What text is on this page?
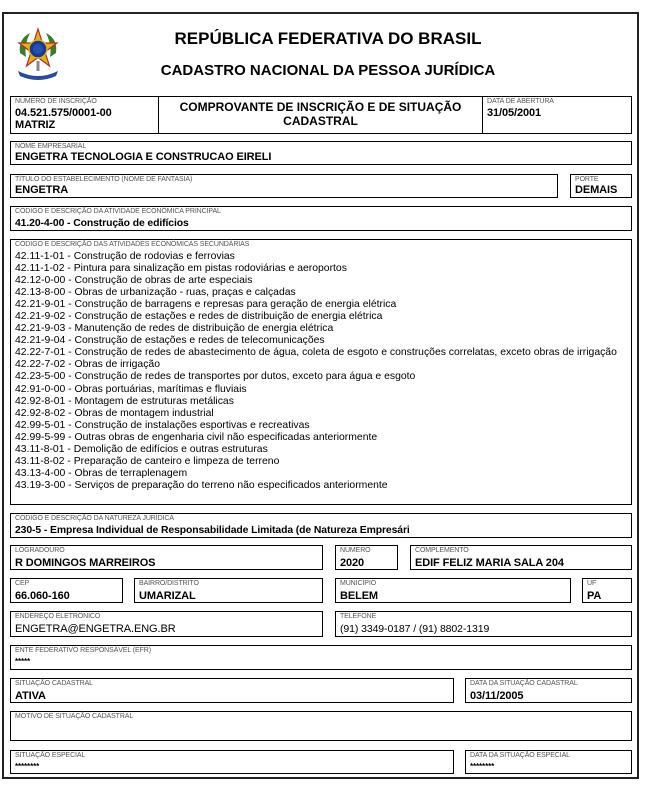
REPÚBLICA FEDERATIVA DO BRASIL
CADASTRO NACIONAL DA PESSOA JURÍDICA
NÚMERO DE INSCRIÇÃO
04.521.575/0001-00
MATRIZ
COMPROVANTE DE INSCRIÇÃO E DE SITUAÇÃO
CADASTRAL
DATA DE ABERTURA
31/05/2001
NOME EMPRESARIAL
ENGETRA TECNOLOGIA E CONSTRUCAO EIRELI
TÍTULO DO ESTABELECIMENTO (NOME DE FANTASIA)
ENGETRA
PORTE
DEMAIS
CÓDIGO E DESCRIÇÃO DA ATIVIDADE ECONÔMICA PRINCIPAL
41.20-4-00 - Construção de edifícios
CÓDIGO E DESCRIÇÃO DAS ATIVIDADES ECONÔMICAS SECUNDÁRIAS
42.11-1-01 - Construção de rodovias e ferrovias
42.11-1-02 - Pintura para sinalização em pistas rodoviárias e aeroportos
42.12-0-00 - Construção de obras de arte especiais
42.13-8-00 - Obras de urbanização - ruas, praças e calçadas
42.21-9-01 - Construção de barragens e represas para geração de energia elétrica
42.21-9-02 - Construção de estações e redes de distribuição de energia elétrica
42.21-9-03 - Manutenção de redes de distribuição de energia elétrica
42.21-9-04 - Construção de estações e redes de telecomunicações
42.22-7-01 - Construção de redes de abastecimento de água, coleta de esgoto e construções correlatas, exceto obras de irrigação
42.22-7-02 - Obras de irrigação
42.23-5-00 - Construção de redes de transportes por dutos, exceto para água e esgoto
42.91-0-00 - Obras portuárias, marítimas e fluviais
42.92-8-01 - Montagem de estruturas metálicas
42.92-8-02 - Obras de montagem industrial
42.99-5-01 - Construção de instalações esportivas e recreativas
42.99-5-99 - Outras obras de engenharia civil não especificadas anteriormente
43.11-8-01 - Demolição de edifícios e outras estruturas
43.11-8-02 - Preparação de canteiro e limpeza de terreno
43.13-4-00 - Obras de terraplenagem
43.19-3-00 - Serviços de preparação do terreno não especificados anteriormente
CÓDIGO E DESCRIÇÃO DA NATUREZA JURÍDICA
230-5 - Empresa Individual de Responsabilidade Limitada (de Natureza Empresári
LOGRADOURO
R DOMINGOS MARREIROS
NÚMERO
2020
COMPLEMENTO
EDIF FELIZ MARIA SALA 204
CEP
66.060-160
BAIRRO/DISTRITO
UMARIZAL
MUNICÍPIO
BELEM
UF
PA
ENDEREÇO ELETRÔNICO
ENGETRA@ENGETRA.ENG.BR
TELEFONE
(91) 3349-0187 / (91) 8802-1319
ENTE FEDERATIVO RESPONSÁVEL (EFR)
*****
SITUAÇÃO CADASTRAL
ATIVA
DATA DA SITUAÇÃO CADASTRAL
03/11/2005
MOTIVO DE SITUAÇÃO CADASTRAL
SITUAÇÃO ESPECIAL
********
DATA DA SITUAÇÃO ESPECIAL
********
